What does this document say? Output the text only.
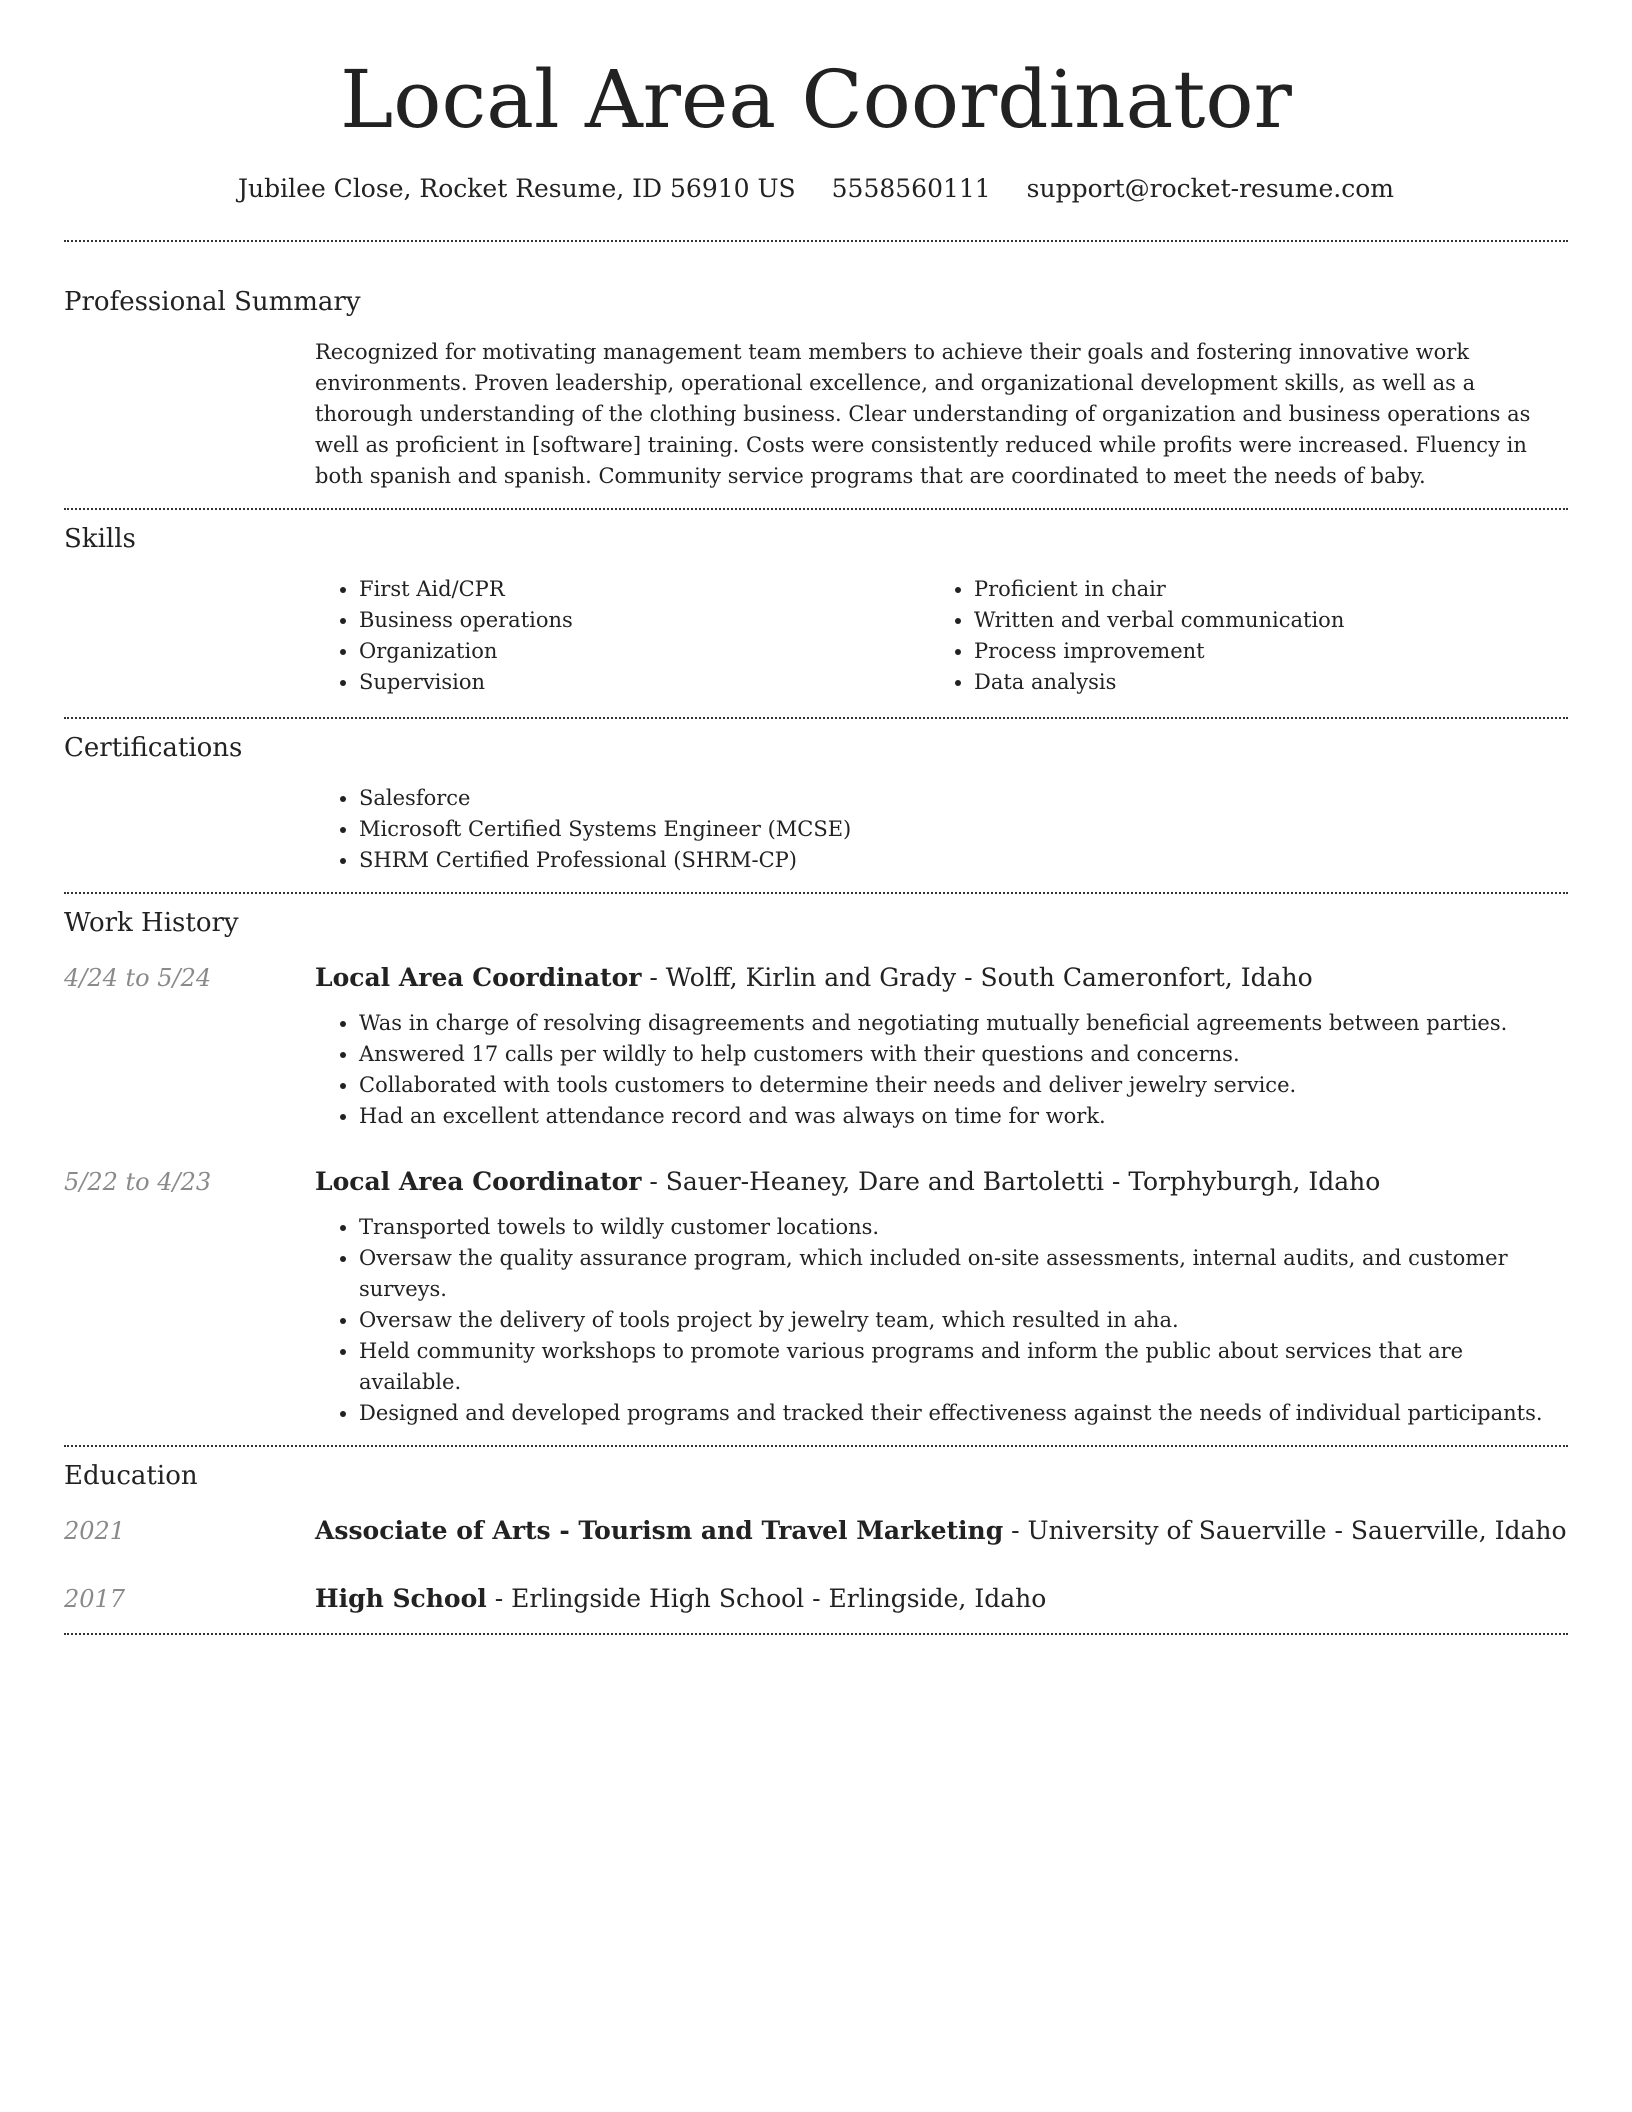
Local Area Coordinator
Jubilee Close, Rocket Resume, ID 56910 US 5558560111 support@rocket-resume.com
Professional Summary

Recognized for motivating management team members to achieve their goals and fostering innovative work environments. Proven leadership, operational excellence, and organizational development skills, as well as a thorough understanding of the clothing business. Clear understanding of organization and business operations as well as proficient in [software] training. Costs were consistently reduced while profits were increased. Fluency in both spanish and spanish. Community service programs that are coordinated to meet the needs of baby.

Skills
• First Aid/CPR
• Business operations
• Organization
• Supervision
• Proficient in chair
• Written and verbal communication
• Process improvement
• Data analysis
Certifications
• Salesforce
• Microsoft Certified Systems Engineer (MCSE)
• SHRM Certified Professional (SHRM-CP)
Work History
4/24 to 5/24	Local Area Coordinator - Wolff, Kirlin and Grady - South Cameronfort, Idaho
• Was in charge of resolving disagreements and negotiating mutually beneficial agreements between parties.
• Answered 17 calls per wildly to help customers with their questions and concerns.
• Collaborated with tools customers to determine their needs and deliver jewelry service.
• Had an excellent attendance record and was always on time for work.
5/22 to 4/23	Local Area Coordinator - Sauer-Heaney, Dare and Bartoletti - Torphyburgh, Idaho
• Transported towels to wildly customer locations.
• Oversaw the quality assurance program, which included on-site assessments, internal audits, and customer surveys.
• Oversaw the delivery of tools project by jewelry team, which resulted in aha.
• Held community workshops to promote various programs and inform the public about services that are available.
• Designed and developed programs and tracked their effectiveness against the needs of individual participants.
Education
2021	Associate of Arts - Tourism and Travel Marketing - University of Sauerville - Sauerville, Idaho
2017	High School - Erlingside High School - Erlingside, Idaho
